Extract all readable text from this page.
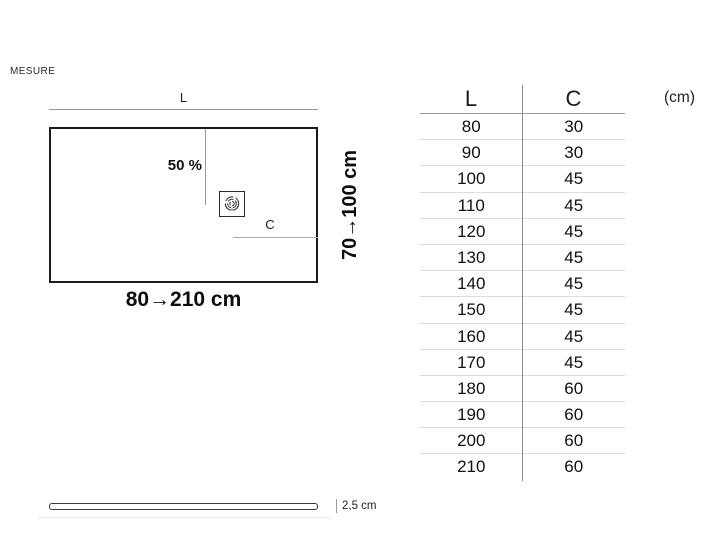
MESURE
L
50 %
C
80→210 cm
70→100 cm
2,5 cm
L	C
80	30
90	30
100	45
110	45
120	45
130	45
140	45
150	45
160	45
170	45
180	60
190	60
200	60
210	60
(cm)
